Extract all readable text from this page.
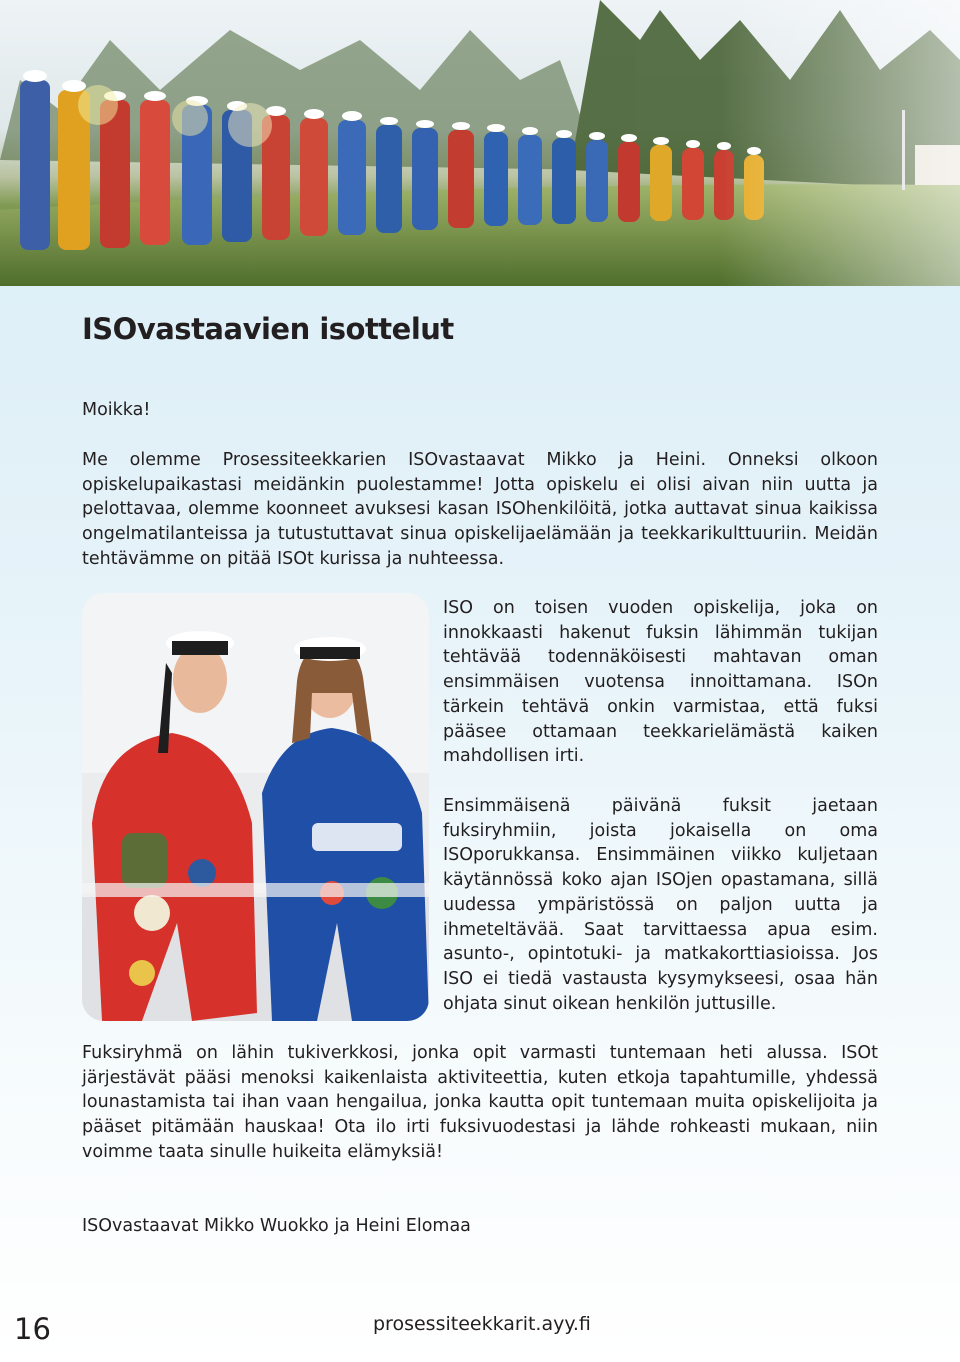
ISOvastaavien isottelut

Moikka!

Me olemme Prosessiteekkarien ISOvastaavat Mikko ja Heini. Onneksi olkoon opiskelupaikastasi meidänkin puolestamme! Jotta opiskelu ei olisi aivan niin uutta ja pelottavaa, olemme koonneet avuksesi kasan ISOhenkilöitä, jotka auttavat sinua kaikissa ongelmatilanteissa ja tutustuttavat sinua opiskelijaelämään ja teekkarikulttuuriin. Meidän tehtävämme on pitää ISOt kurissa ja nuhteessa.

ISO on toisen vuoden opiskelija, joka on innokkaasti hakenut fuksin lähimmän tukijan tehtävää todennäköisesti mahtavan oman ensimmäisen vuotensa innoittamana. ISOn tärkein tehtävä onkin varmistaa, että fuksi pääsee ottamaan teekkarielämästä kaiken mahdollisen irti.

Ensimmäisenä päivänä fuksit jaetaan fuksiryhmiin, joista jokaisella on oma ISOporukkansa. Ensimmäinen viikko kuljetaan käytännössä koko ajan ISOjen opastamana, sillä uudessa ympäristössä on paljon uutta ja ihmeteltävää. Saat tarvittaessa apua esim. asunto-, opintotuki- ja matkakorttiasioissa. Jos ISO ei tiedä vastausta kysymykseesi, osaa hän ohjata sinut oikean henkilön juttusille.

Fuksiryhmä on lähin tukiverkkosi, jonka opit varmasti tuntemaan heti alussa. ISOt järjestävät pääsi menoksi kaikenlaista aktiviteettia, kuten etkoja tapahtumille, yhdessä lounastamista tai ihan vaan hengailua, jonka kautta opit tuntemaan muita opiskelijoita ja pääset pitämään hauskaa! Ota ilo irti fuksivuodestasi ja lähde rohkeasti mukaan, niin voimme taata sinulle huikeita elämyksiä!

ISOvastaavat Mikko Wuokko ja Heini Elomaa

16	prosessiteekkarit.ayy.fi
